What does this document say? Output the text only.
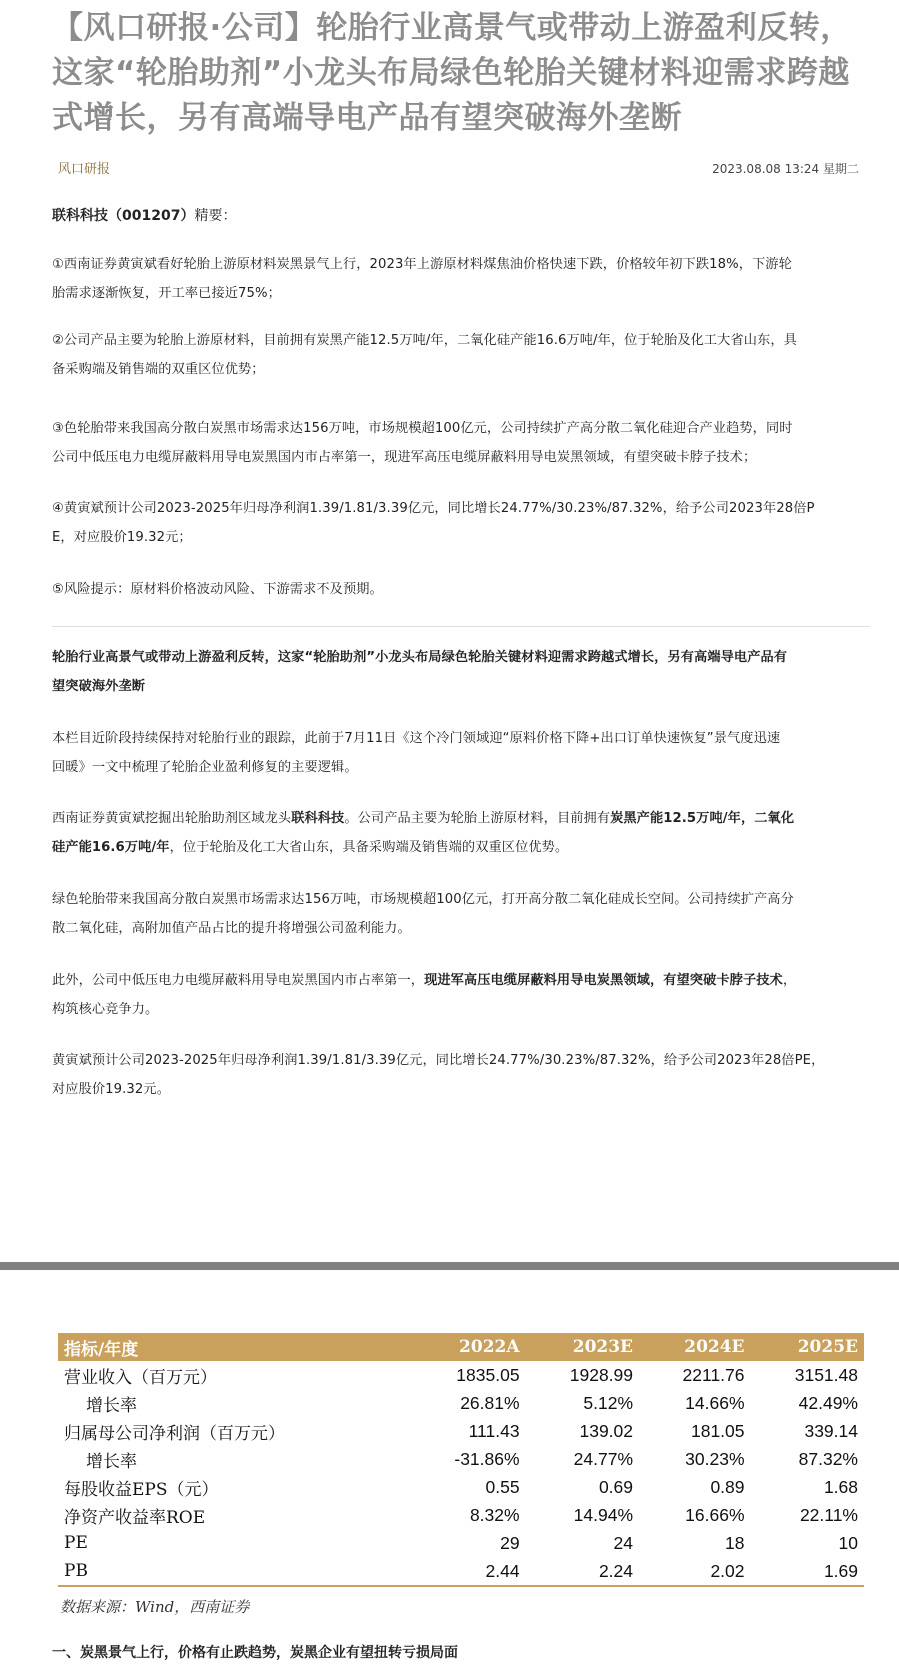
【风口研报·公司】轮胎行业高景气或带动上游盈利反转，
这家“轮胎助剂”小龙头布局绿色轮胎关键材料迎需求跨越
式增长，另有高端导电产品有望突破海外垄断
风口研报	2023.08.08 13:24 星期二
联科科技（001207）精要：
①西南证券黄寅斌看好轮胎上游原材料炭黑景气上行，2023年上游原材料煤焦油价格快速下跌，价格较年初下跌18%，下游轮
胎需求逐渐恢复，开工率已接近75%；
②公司产品主要为轮胎上游原材料，目前拥有炭黑产能12.5万吨/年，二氧化硅产能16.6万吨/年，位于轮胎及化工大省山东，具
备采购端及销售端的双重区位优势；
③色轮胎带来我国高分散白炭黑市场需求达156万吨，市场规模超100亿元，公司持续扩产高分散二氧化硅迎合产业趋势，同时
公司中低压电力电缆屏蔽料用导电炭黑国内市占率第一，现进军高压电缆屏蔽料用导电炭黑领域，有望突破卡脖子技术；
④黄寅斌预计公司2023-2025年归母净利润1.39/1.81/3.39亿元，同比增长24.77%/30.23%/87.32%，给予公司2023年28倍P
E，对应股价19.32元；
⑤风险提示：原材料价格波动风险、下游需求不及预期。
轮胎行业高景气或带动上游盈利反转，这家“轮胎助剂”小龙头布局绿色轮胎关键材料迎需求跨越式增长，另有高端导电产品有
望突破海外垄断
本栏目近阶段持续保持对轮胎行业的跟踪，此前于7月11日《这个冷门领域迎“原料价格下降+出口订单快速恢复”景气度迅速
回暖》一文中梳理了轮胎企业盈利修复的主要逻辑。
西南证券黄寅斌挖掘出轮胎助剂区域龙头联科科技。公司产品主要为轮胎上游原材料，目前拥有炭黑产能12.5万吨/年，二氧化
硅产能16.6万吨/年，位于轮胎及化工大省山东，具备采购端及销售端的双重区位优势。
绿色轮胎带来我国高分散白炭黑市场需求达156万吨，市场规模超100亿元，打开高分散二氧化硅成长空间。公司持续扩产高分
散二氧化硅，高附加值产品占比的提升将增强公司盈利能力。
此外，公司中低压电力电缆屏蔽料用导电炭黑国内市占率第一，现进军高压电缆屏蔽料用导电炭黑领域，有望突破卡脖子技术，
构筑核心竞争力。
黄寅斌预计公司2023-2025年归母净利润1.39/1.81/3.39亿元，同比增长24.77%/30.23%/87.32%，给予公司2023年28倍PE，
对应股价19.32元。
指标/年度	2022A	2023E	2024E	2025E
营业收入（百万元）	1835.05	1928.99	2211.76	3151.48
增长率	26.81%	5.12%	14.66%	42.49%
归属母公司净利润（百万元）	111.43	139.02	181.05	339.14
增长率	-31.86%	24.77%	30.23%	87.32%
每股收益EPS（元）	0.55	0.69	0.89	1.68
净资产收益率ROE	8.32%	14.94%	16.66%	22.11%
PE	29	24	18	10
PB	2.44	2.24	2.02	1.69
数据来源：Wind，西南证券
一、炭黑景气上行，价格有止跌趋势，炭黑企业有望扭转亏损局面
